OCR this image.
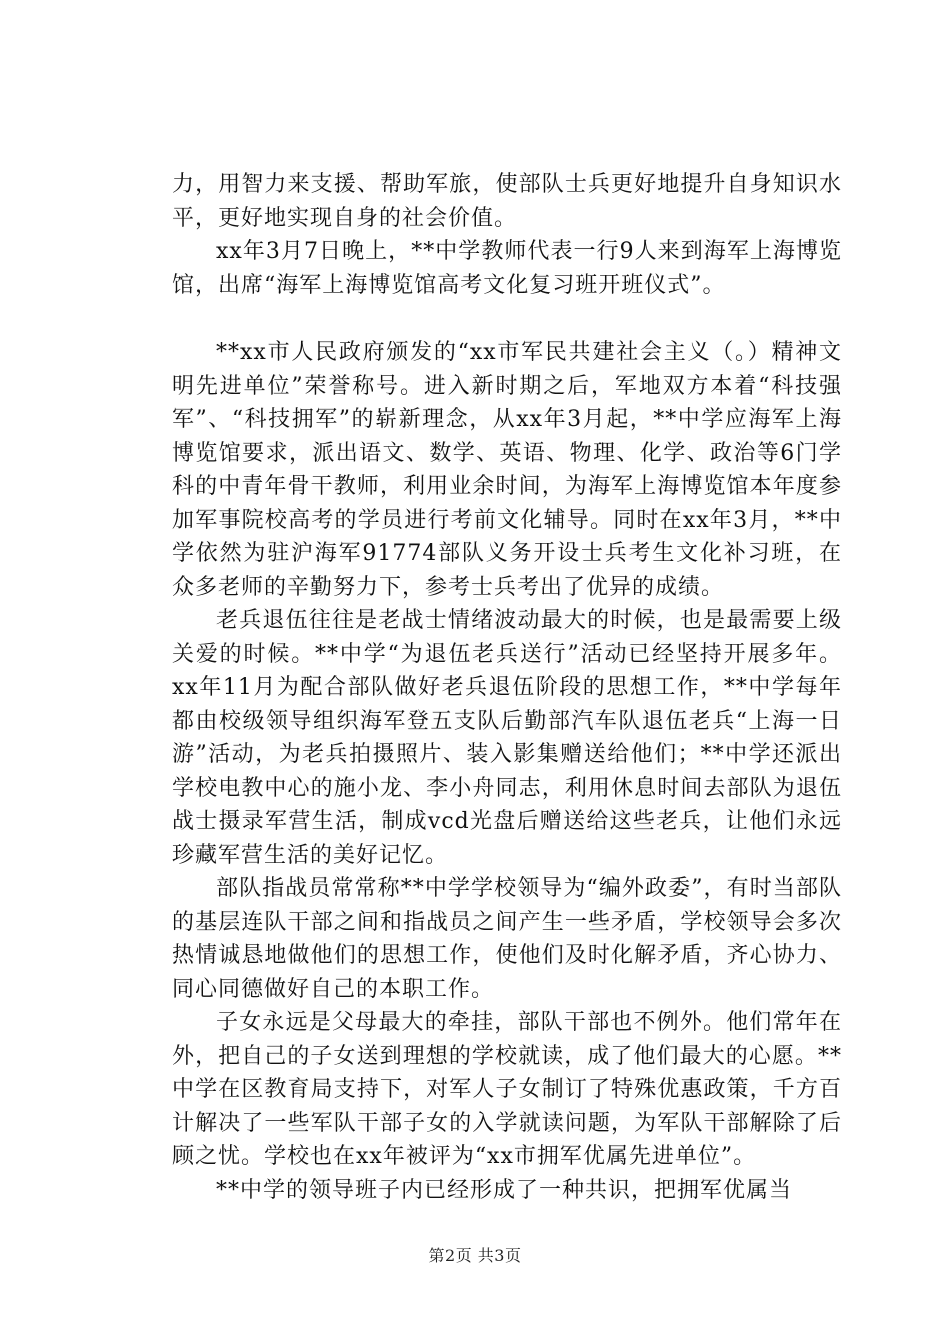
力，用智力来支援、帮助军旅，使部队士兵更好地提升自身知识水平，更好地实现自身的社会价值。

xx年3月7日晚上，**中学教师代表一行9人来到海军上海博览馆，出席“海军上海博览馆高考文化复习班开班仪式”。

**xx市人民政府颁发的“xx市军民共建社会主义（。）精神文明先进单位”荣誉称号。进入新时期之后，军地双方本着“科技强军”、“科技拥军”的崭新理念，从xx年3月起，**中学应海军上海博览馆要求，派出语文、数学、英语、物理、化学、政治等6门学科的中青年骨干教师，利用业余时间，为海军上海博览馆本年度参加军事院校高考的学员进行考前文化辅导。同时在xx年3月，**中学依然为驻沪海军91774部队义务开设士兵考生文化补习班，在众多老师的辛勤努力下，参考士兵考出了优异的成绩。

老兵退伍往往是老战士情绪波动最大的时候，也是最需要上级关爱的时候。**中学“为退伍老兵送行”活动已经坚持开展多年。xx年11月为配合部队做好老兵退伍阶段的思想工作，**中学每年都由校级领导组织海军登五支队后勤部汽车队退伍老兵“上海一日游”活动，为老兵拍摄照片、装入影集赠送给他们；**中学还派出学校电教中心的施小龙、李小舟同志，利用休息时间去部队为退伍战士摄录军营生活，制成vcd光盘后赠送给这些老兵，让他们永远珍藏军营生活的美好记忆。

部队指战员常常称**中学学校领导为“编外政委”，有时当部队的基层连队干部之间和指战员之间产生一些矛盾，学校领导会多次热情诚恳地做他们的思想工作，使他们及时化解矛盾，齐心协力、同心同德做好自己的本职工作。

子女永远是父母最大的牵挂，部队干部也不例外。他们常年在外，把自己的子女送到理想的学校就读，成了他们最大的心愿。**中学在区教育局支持下，对军人子女制订了特殊优惠政策，千方百计解决了一些军队干部子女的入学就读问题，为军队干部解除了后顾之忧。学校也在xx年被评为“xx市拥军优属先进单位”。

**中学的领导班子内已经形成了一种共识，把拥军优属当

第2页 共3页
